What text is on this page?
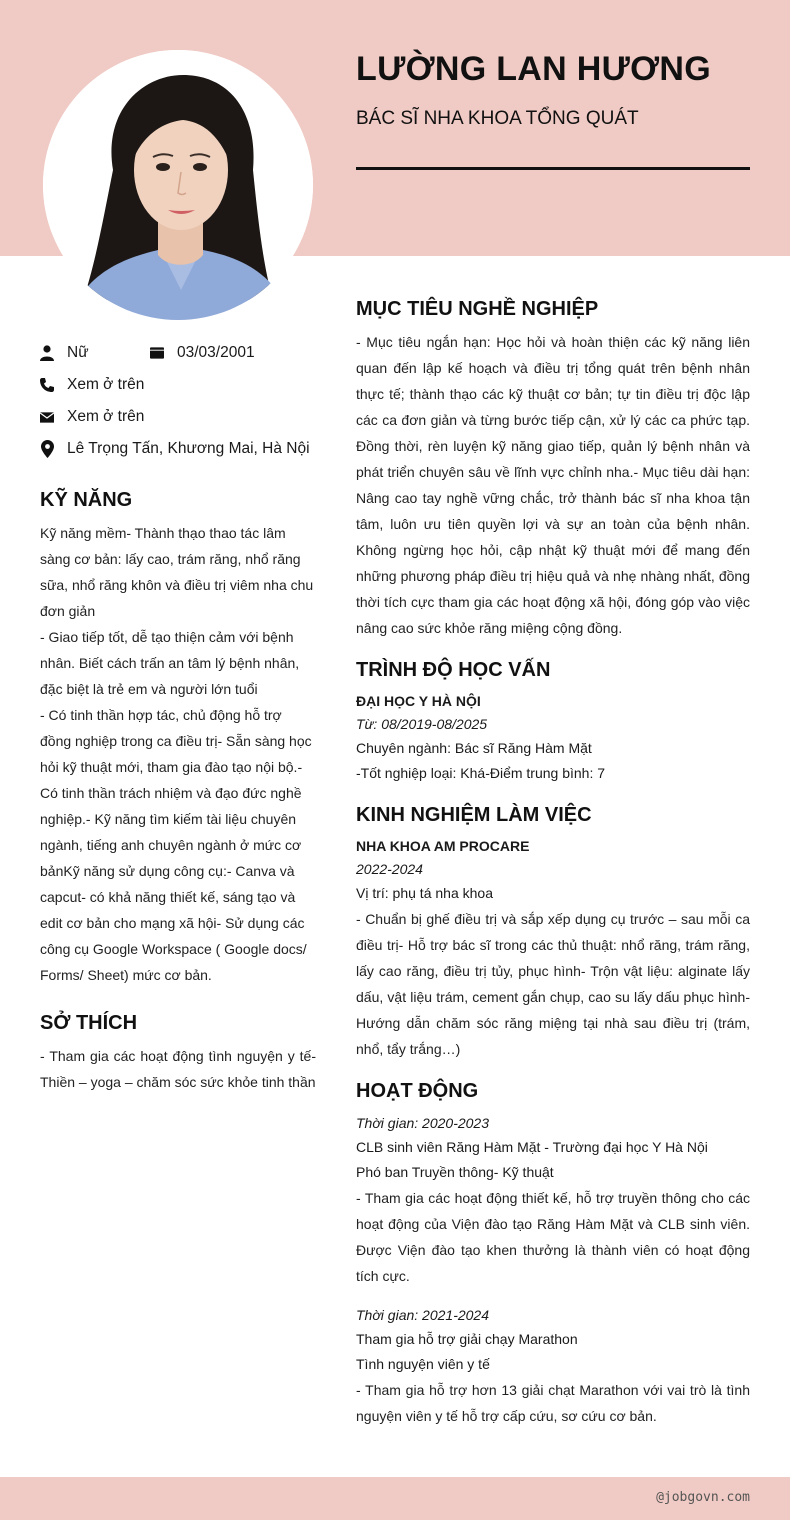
LƯỜNG LAN HƯƠNG
BÁC SĨ NHA KHOA TỔNG QUÁT
Nữ	03/03/2001
Xem ở trên
Xem ở trên
Lê Trọng Tấn, Khương Mai, Hà Nội
KỸ NĂNG
Kỹ năng mềm- Thành thạo thao tác lâm sàng cơ bản: lấy cao, trám răng, nhổ răng sữa, nhổ răng khôn và điều trị viêm nha chu đơn giản
- Giao tiếp tốt, dễ tạo thiện cảm với bệnh nhân. Biết cách trấn an tâm lý bệnh nhân, đặc biệt là trẻ em và người lớn tuổi
- Có tinh thần hợp tác, chủ động hỗ trợ đồng nghiệp trong ca điều trị- Sẵn sàng học hỏi kỹ thuật mới, tham gia đào tạo nội bộ.- Có tinh thần trách nhiệm và đạo đức nghề nghiệp.- Kỹ năng tìm kiếm tài liệu chuyên ngành, tiếng anh chuyên ngành ở mức cơ bảnKỹ năng sử dụng công cụ:- Canva và capcut- có khả năng thiết kế, sáng tạo và edit cơ bản cho mạng xã hội- Sử dụng các công cụ Google Workspace ( Google docs/ Forms/ Sheet) mức cơ bản.
SỞ THÍCH
- Tham gia các hoạt động tình nguyện y tế- Thiền – yoga – chăm sóc sức khỏe tinh thần
MỤC TIÊU NGHỀ NGHIỆP
- Mục tiêu ngắn hạn: Học hỏi và hoàn thiện các kỹ năng liên quan đến lập kế hoạch và điều trị tổng quát trên bệnh nhân thực tế; thành thạo các kỹ thuật cơ bản; tự tin điều trị độc lập các ca đơn giản và từng bước tiếp cận, xử lý các ca phức tạp. Đồng thời, rèn luyện kỹ năng giao tiếp, quản lý bệnh nhân và phát triển chuyên sâu về lĩnh vực chỉnh nha.- Mục tiêu dài hạn: Nâng cao tay nghề vững chắc, trở thành bác sĩ nha khoa tận tâm, luôn ưu tiên quyền lợi và sự an toàn của bệnh nhân. Không ngừng học hỏi, cập nhật kỹ thuật mới để mang đến những phương pháp điều trị hiệu quả và nhẹ nhàng nhất, đồng thời tích cực tham gia các hoạt động xã hội, đóng góp vào việc nâng cao sức khỏe răng miệng cộng đồng.
TRÌNH ĐỘ HỌC VẤN
ĐẠI HỌC Y HÀ NỘI
Từ: 08/2019-08/2025
Chuyên ngành: Bác sĩ Răng Hàm Mặt
-Tốt nghiệp loại: Khá-Điểm trung bình: 7
KINH NGHIỆM LÀM VIỆC
NHA KHOA AM PROCARE
2022-2024
Vị trí: phụ tá nha khoa
- Chuẩn bị ghế điều trị và sắp xếp dụng cụ trước – sau mỗi ca điều trị- Hỗ trợ bác sĩ trong các thủ thuật: nhổ răng, trám răng, lấy cao răng, điều trị tủy, phục hình- Trộn vật liệu: alginate lấy dấu, vật liệu trám, cement gắn chụp, cao su lấy dấu phục hình- Hướng dẫn chăm sóc răng miệng tại nhà sau điều trị (trám, nhổ, tẩy trắng…)
HOẠT ĐỘNG
Thời gian: 2020-2023
CLB sinh viên Răng Hàm Mặt - Trường đại học Y Hà Nội
Phó ban Truyền thông- Kỹ thuật
- Tham gia các hoạt động thiết kế, hỗ trợ truyền thông cho các hoạt động của Viện đào tạo Răng Hàm Mặt và CLB sinh viên. Được Viện đào tạo khen thưởng là thành viên có hoạt động tích cực.
Thời gian: 2021-2024
Tham gia hỗ trợ giải chạy Marathon
Tình nguyện viên y tế
- Tham gia hỗ trợ hơn 13 giải chạt Marathon với vai trò là tình nguyện viên y tế hỗ trợ cấp cứu, sơ cứu cơ bản.
@jobgovn.com
